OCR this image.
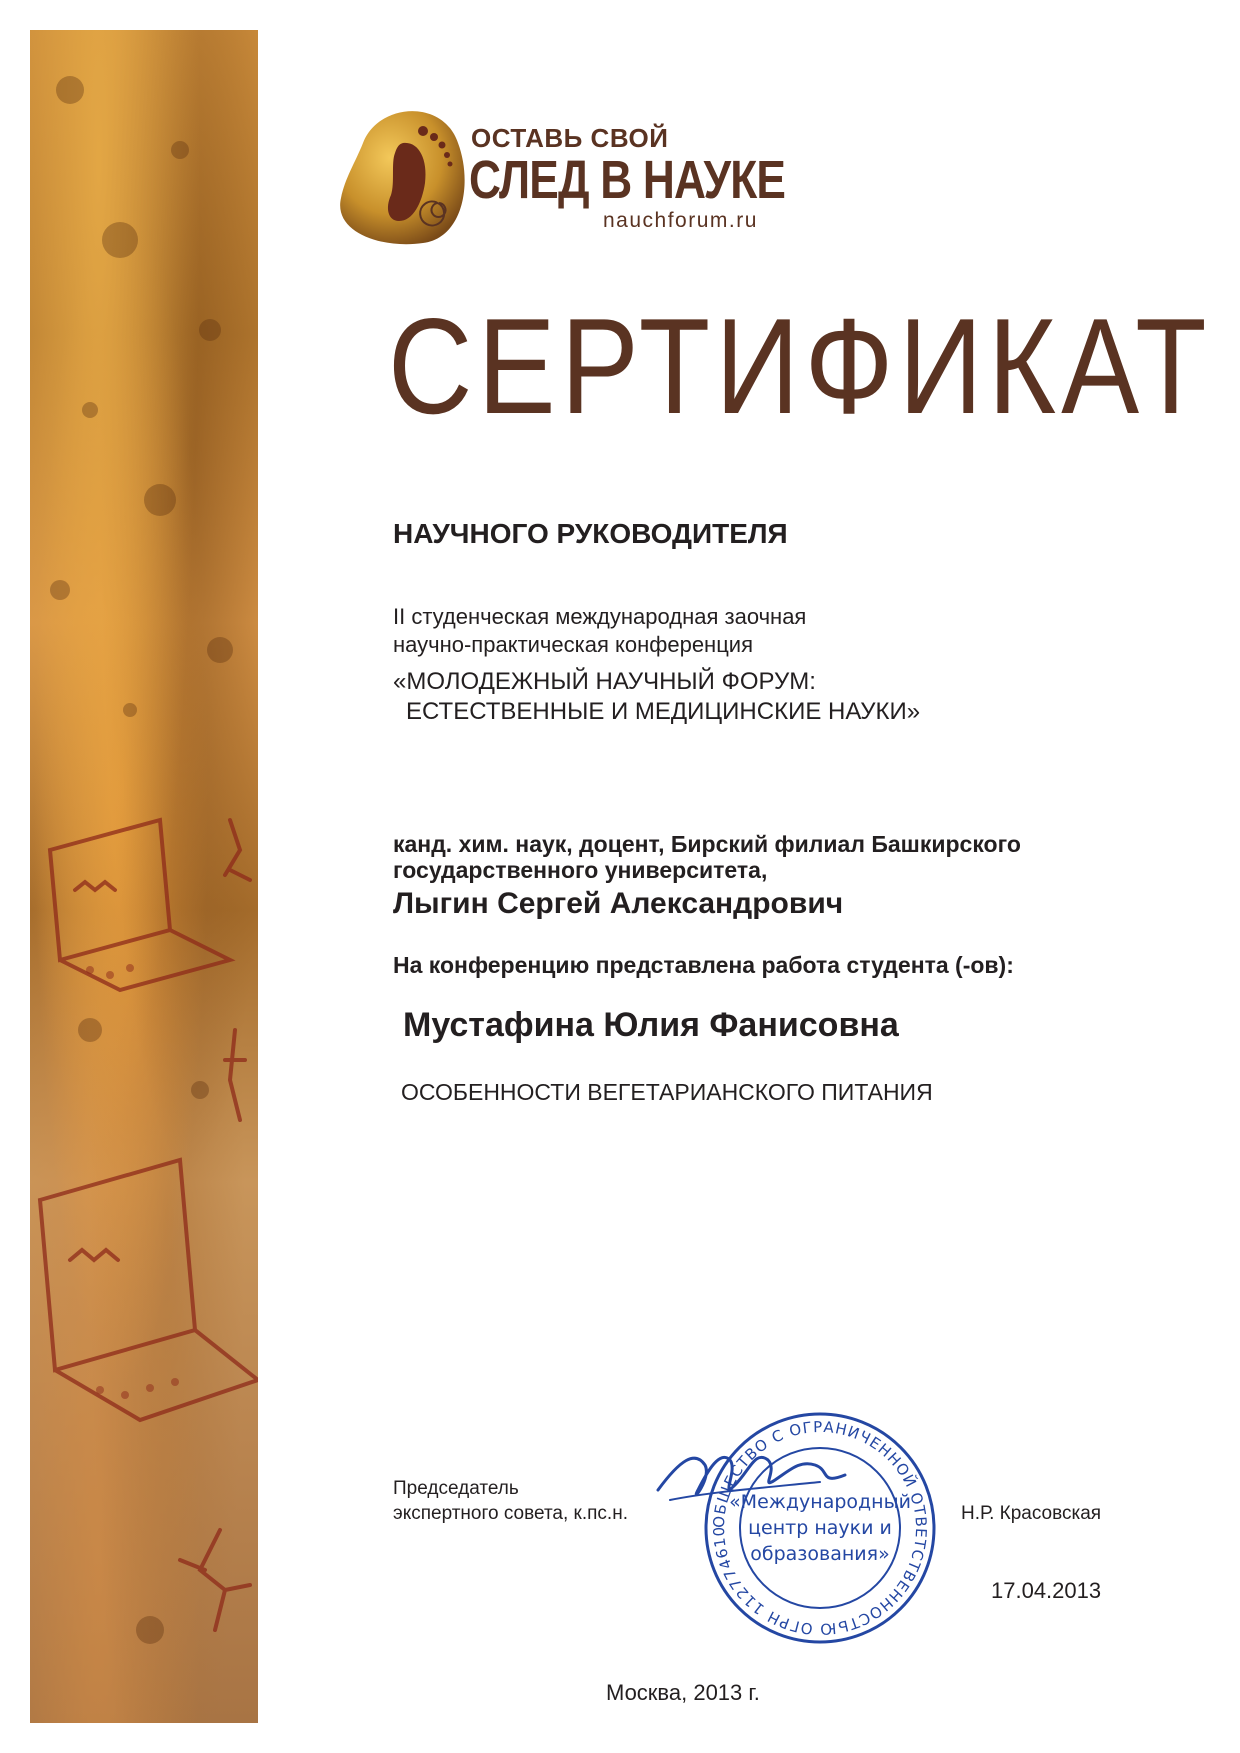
ОСТАВЬ СВОЙ
СЛЕД В НАУКЕ
nauchforum.ru
СЕРТИФИКАТ
НАУЧНОГО РУКОВОДИТЕЛЯ
II студенческая международная заочная
научно-практическая конференция
«МОЛОДЕЖНЫЙ НАУЧНЫЙ ФОРУМ:
ЕСТЕСТВЕННЫЕ И МЕДИЦИНСКИЕ НАУКИ»
канд. хим. наук, доцент, Бирский филиал Башкирского
государственного университета,
Лыгин Сергей Александрович
На конференцию представлена работа студента (-ов):
Мустафина Юлия Фанисовна
ОСОБЕННОСТИ ВЕГЕТАРИАНСКОГО ПИТАНИЯ
Председатель
экспертного совета, к.пс.н.	ОБЩЕСТВО С ОГРАНИЧЕННОЙ ОТВЕТСТВЕННОСТЬЮ ОГРН 112774610
«Международный
центр науки и
образования»
Н.Р. Красовская
17.04.2013
Москва, 2013 г.
